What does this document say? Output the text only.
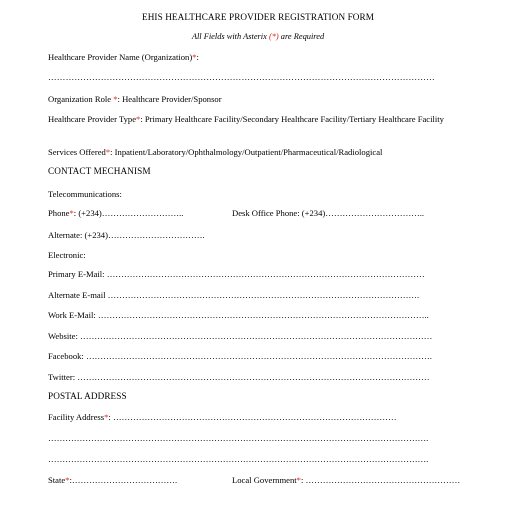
EHIS HEALTHCARE PROVIDER REGISTRATION FORM
All Fields with Asterix (*) are Required
Healthcare Provider Name (Organization)*:
……………………………………………………………………………………………………………………
Organization Role *: Healthcare Provider/Sponsor
Healthcare Provider Type*: Primary Healthcare Facility/Secondary Healthcare Facility/Tertiary Healthcare Facility
Services Offered*: Inpatient/Laboratory/Ophthalmology/Outpatient/Pharmaceutical/Radiological
CONTACT MECHANISM
Telecommunications:
Phone*: (+234)………………………..	Desk Office Phone: (+234)……………………………..
Alternate: (+234)…………………………….
Electronic:
Primary E-Mail: …………………………………………………………………………………………………
Alternate E-mail ……………………………………………………………………………………………….
Work E-Mail: ……………………………………………………………………………………………………..
Website: ……………………………………………………………………………………………………………
Facebook: ………………………………………………………………………………………………………….
Twitter: ……………………………………………………………………………………………………………
POSTAL ADDRESS
Facility Address*: ………………………………………………………………………………………
…………………………………………………………………………………………………………………….
…………………………………………………………………………………………………………………….
State*:……………………………….	Local Government*: ………………………………………………
